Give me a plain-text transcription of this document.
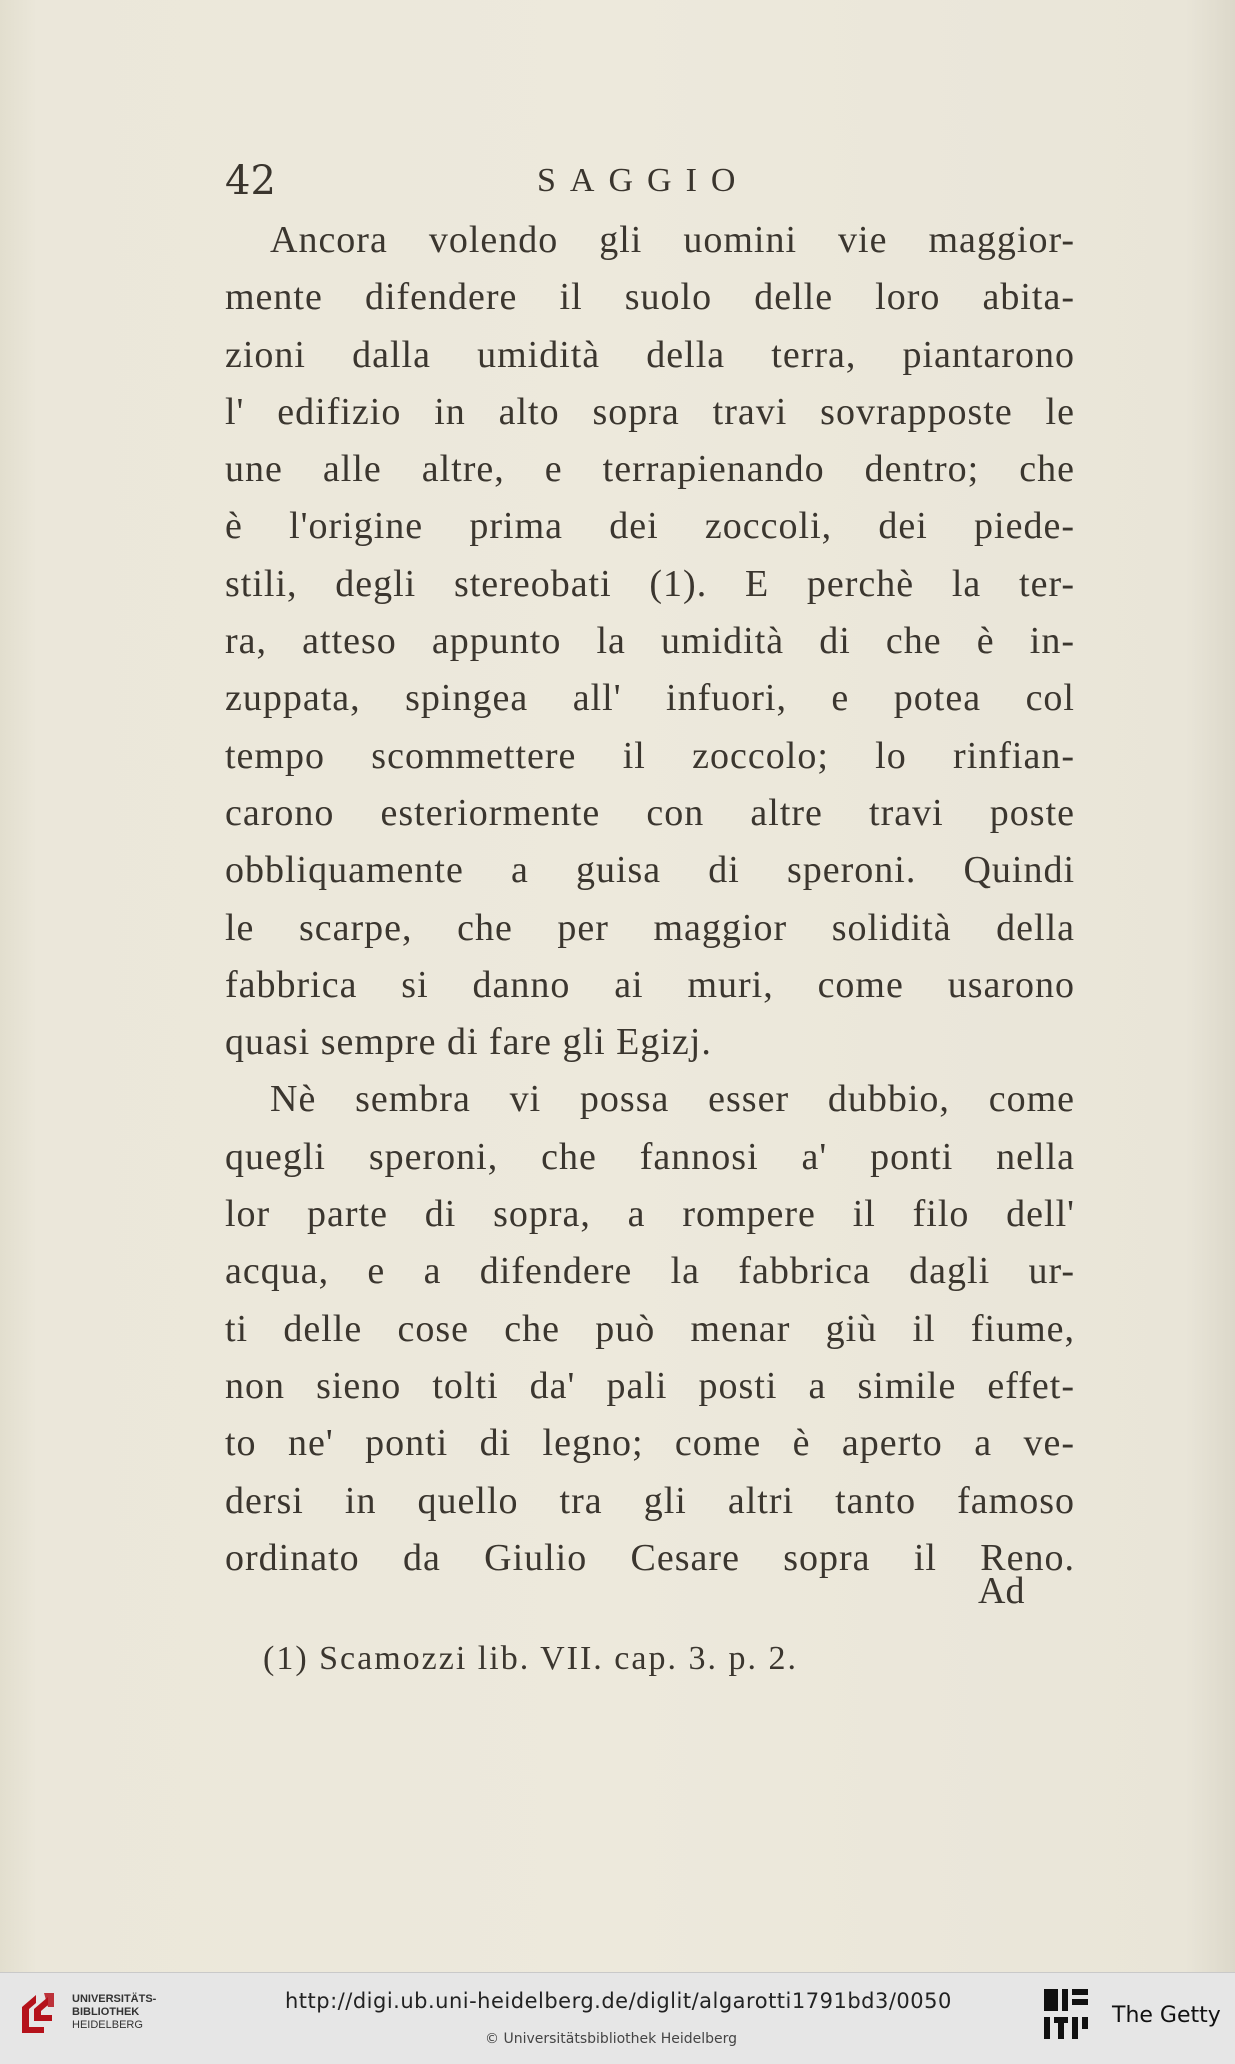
42	SAGGIO
Ancora volendo gli uomini vie maggior-
mente difendere il suolo delle loro abita-
zioni dalla umidità della terra, piantarono
l' edifizio in alto sopra travi sovrapposte le
une alle altre, e terrapienando dentro; che
è l'origine prima dei zoccoli, dei piede-
stili, degli stereobati (1). E perchè la ter-
ra, atteso appunto la umidità di che è in-
zuppata, spingea all' infuori, e potea col
tempo scommettere il zoccolo; lo rinfian-
carono esteriormente con altre travi poste
obbliquamente a guisa di speroni. Quindi
le scarpe, che per maggior solidità della
fabbrica si danno ai muri, come usarono
quasi sempre di fare gli Egizj.
Nè sembra vi possa esser dubbio, come
quegli speroni, che fannosi a' ponti nella
lor parte di sopra, a rompere il filo dell'
acqua, e a difendere la fabbrica dagli ur-
ti delle cose che può menar giù il fiume,
non sieno tolti da' pali posti a simile effet-
to ne' ponti di legno; come è aperto a ve-
dersi in quello tra gli altri tanto famoso
ordinato da Giulio Cesare sopra il Reno.
Ad
(1) Scamozzi lib. VII. cap. 3. p. 2.
UNIVERSITÄTS-
BIBLIOTHEK
HEIDELBERG
http://digi.ub.uni-heidelberg.de/diglit/algarotti1791bd3/0050
© Universitätsbibliothek Heidelberg
The Getty
